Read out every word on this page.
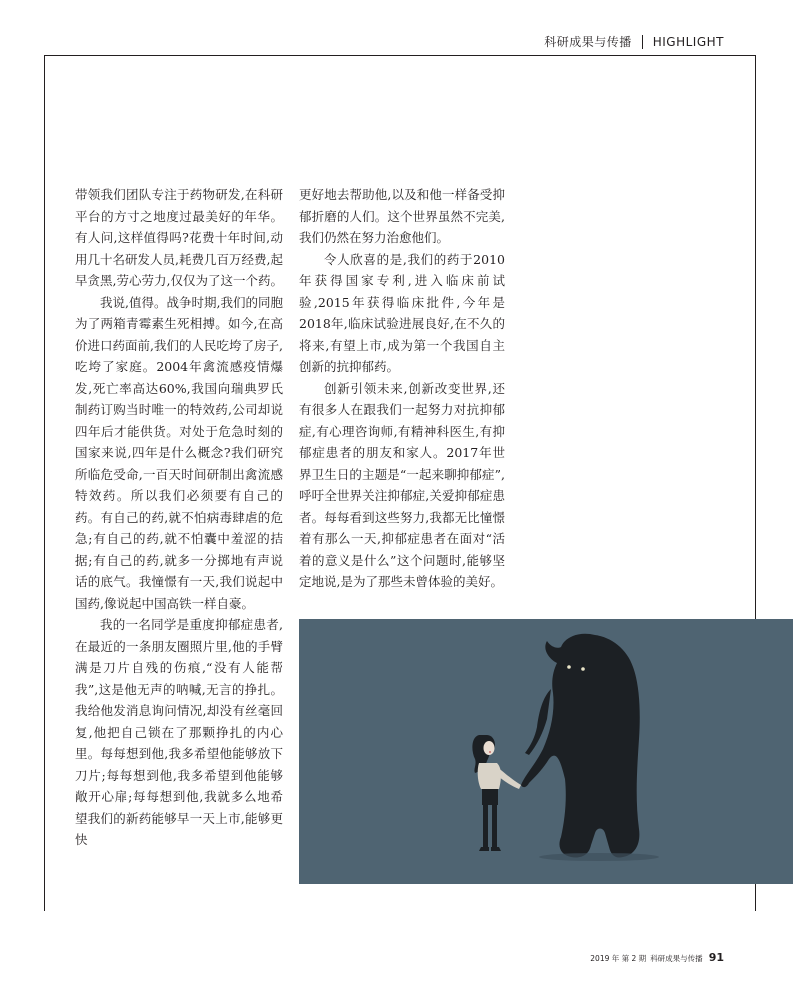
科研成果与传播 HIGHLIGHT

带领我们团队专注于药物研发,在科研平台的方寸之地度过最美好的年华。有人问,这样值得吗?花费十年时间,动用几十名研发人员,耗费几百万经费,起早贪黑,劳心劳力,仅仅为了这一个药。

我说,值得。战争时期,我们的同胞为了两箱青霉素生死相搏。如今,在高价进口药面前,我们的人民吃垮了房子,吃垮了家庭。2004年禽流感疫情爆发,死亡率高达60%,我国向瑞典罗氏制药订购当时唯一的特效药,公司却说四年后才能供货。对处于危急时刻的国家来说,四年是什么概念?我们研究所临危受命,一百天时间研制出禽流感特效药。所以我们必须要有自己的药。有自己的药,就不怕病毒肆虐的危急;有自己的药,就不怕囊中羞涩的拮据;有自己的药,就多一分掷地有声说话的底气。我憧憬有一天,我们说起中国药,像说起中国高铁一样自豪。

我的一名同学是重度抑郁症患者,在最近的一条朋友圈照片里,他的手臂满是刀片自残的伤痕,“没有人能帮我”,这是他无声的呐喊,无言的挣扎。我给他发消息询问情况,却没有丝毫回复,他把自己锁在了那颗挣扎的内心里。每每想到他,我多希望他能够放下刀片;每每想到他,我多希望到他能够敞开心扉;每每想到他,我就多么地希望我们的新药能够早一天上市,能够更快

更好地去帮助他,以及和他一样备受抑郁折磨的人们。这个世界虽然不完美,我们仍然在努力治愈他们。

令人欣喜的是,我们的药于2010年获得国家专利,进入临床前试验,2015年获得临床批件,今年是2018年,临床试验进展良好,在不久的将来,有望上市,成为第一个我国自主创新的抗抑郁药。

创新引领未来,创新改变世界,还有很多人在跟我们一起努力对抗抑郁症,有心理咨询师,有精神科医生,有抑郁症患者的朋友和家人。2017年世界卫生日的主题是“一起来聊抑郁症”,呼吁全世界关注抑郁症,关爱抑郁症患者。每每看到这些努力,我都无比憧憬着有那么一天,抑郁症患者在面对“活着的意义是什么”这个问题时,能够坚定地说,是为了那些未曾体验的美好。

2019 年 第 2 期 科研成果与传播 91
